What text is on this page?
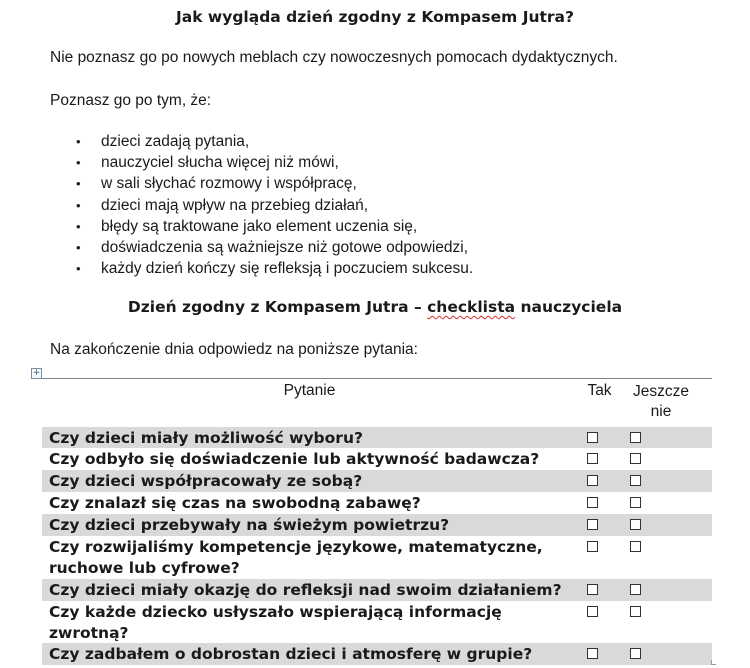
Jak wygląda dzień zgodny z Kompasem Jutra?
Nie poznasz go po nowych meblach czy nowoczesnych pomocach dydaktycznych.
Poznasz go po tym, że:
• dzieci zadają pytania,
• nauczyciel słucha więcej niż mówi,
• w sali słychać rozmowy i współpracę,
• dzieci mają wpływ na przebieg działań,
• błędy są traktowane jako element uczenia się,
• doświadczenia są ważniejsze niż gotowe odpowiedzi,
• każdy dzień kończy się refleksją i poczuciem sukcesu.
Dzień zgodny z Kompasem Jutra – checklista nauczyciela
Na zakończenie dnia odpowiedz na poniższe pytania:
+
Pytanie	Tak	Jeszcze nie
Czy dzieci miały możliwość wyboru?
Czy odbyło się doświadczenie lub aktywność badawcza?
Czy dzieci współpracowały ze sobą?
Czy znalazł się czas na swobodną zabawę?
Czy dzieci przebywały na świeżym powietrzu?
Czy rozwijaliśmy kompetencje językowe, matematyczne, ruchowe lub cyfrowe?
Czy dzieci miały okazję do refleksji nad swoim działaniem?
Czy każde dziecko usłyszało wspierającą informację zwrotną?
Czy zadbałem o dobrostan dzieci i atmosferę w grupie?
